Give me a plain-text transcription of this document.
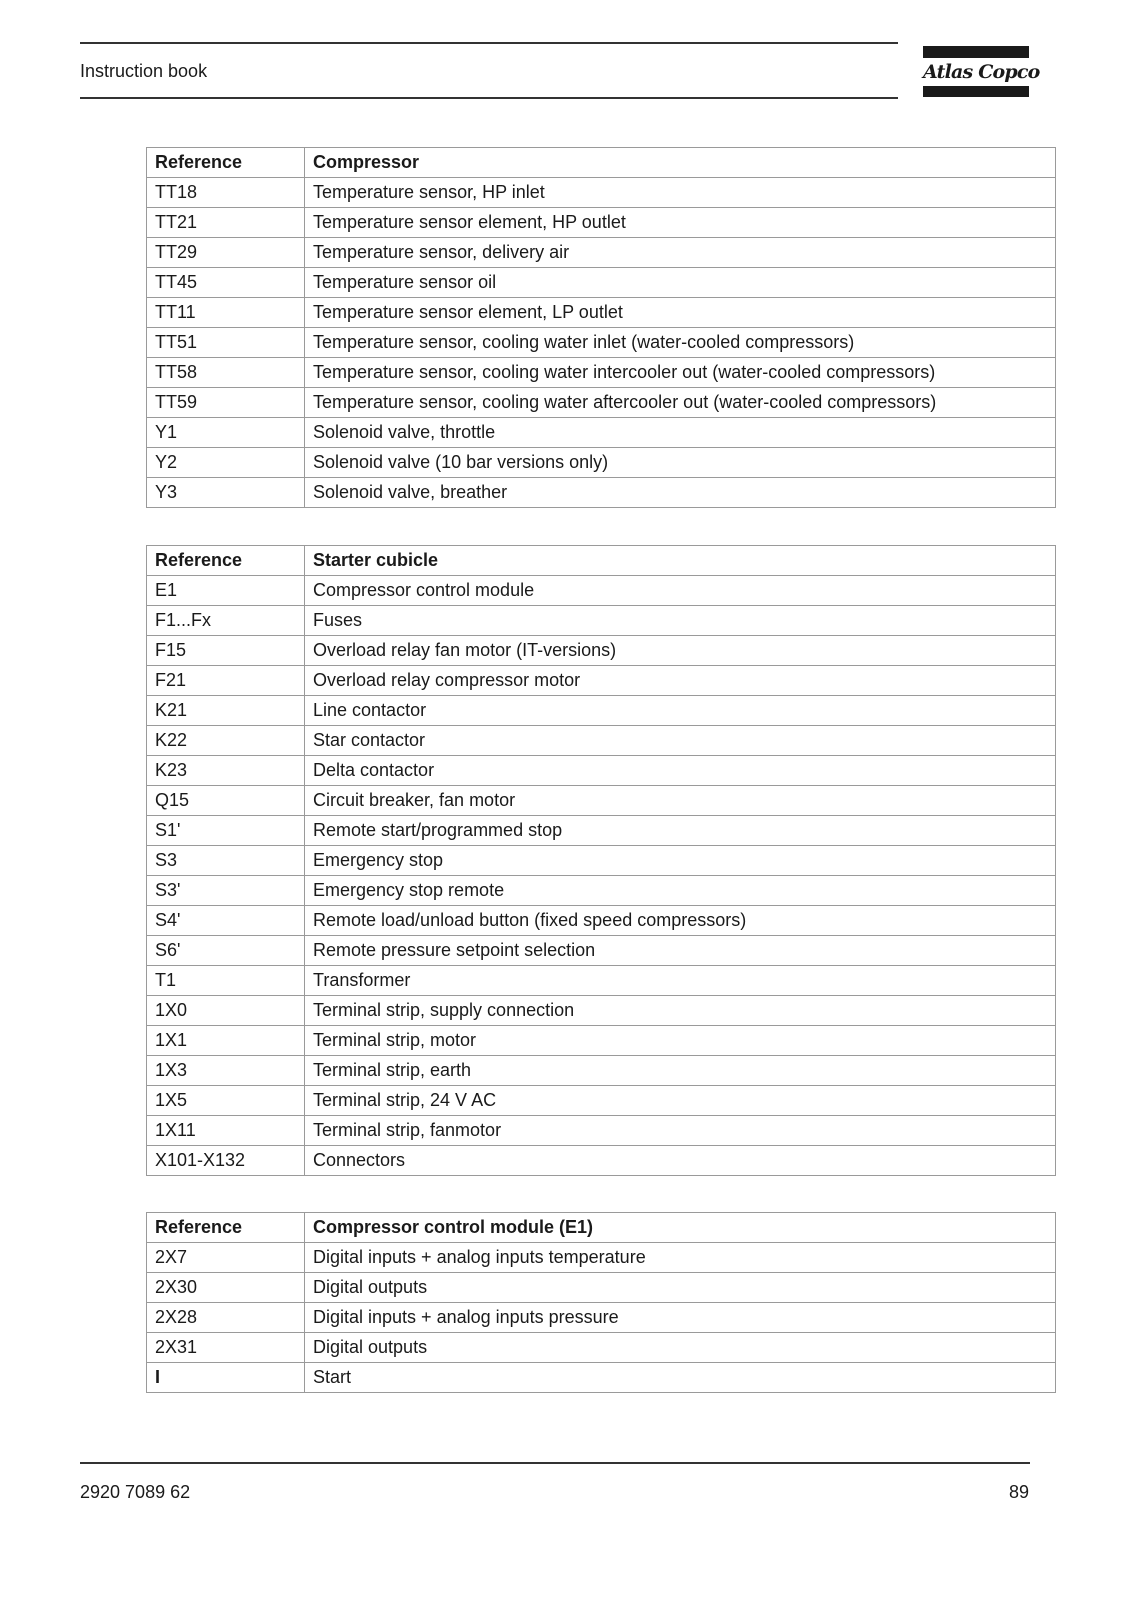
Instruction book	Atlas Copco
Reference	Compressor
TT18	Temperature sensor, HP inlet
TT21	Temperature sensor element, HP outlet
TT29	Temperature sensor, delivery air
TT45	Temperature sensor oil
TT11	Temperature sensor element, LP outlet
TT51	Temperature sensor, cooling water inlet (water-cooled compressors)
TT58	Temperature sensor, cooling water intercooler out (water-cooled compressors)
TT59	Temperature sensor, cooling water aftercooler out (water-cooled compressors)
Y1	Solenoid valve, throttle
Y2	Solenoid valve (10 bar versions only)
Y3	Solenoid valve, breather
Reference	Starter cubicle
E1	Compressor control module
F1...Fx	Fuses
F15	Overload relay fan motor (IT-versions)
F21	Overload relay compressor motor
K21	Line contactor
K22	Star contactor
K23	Delta contactor
Q15	Circuit breaker, fan motor
S1'	Remote start/programmed stop
S3	Emergency stop
S3'	Emergency stop remote
S4'	Remote load/unload button (fixed speed compressors)
S6'	Remote pressure setpoint selection
T1	Transformer
1X0	Terminal strip, supply connection
1X1	Terminal strip, motor
1X3	Terminal strip, earth
1X5	Terminal strip, 24 V AC
1X11	Terminal strip, fanmotor
X101-X132	Connectors
Reference	Compressor control module (E1)
2X7	Digital inputs + analog inputs temperature
2X30	Digital outputs
2X28	Digital inputs + analog inputs pressure
2X31	Digital outputs
I	Start
2920 7089 62	89
